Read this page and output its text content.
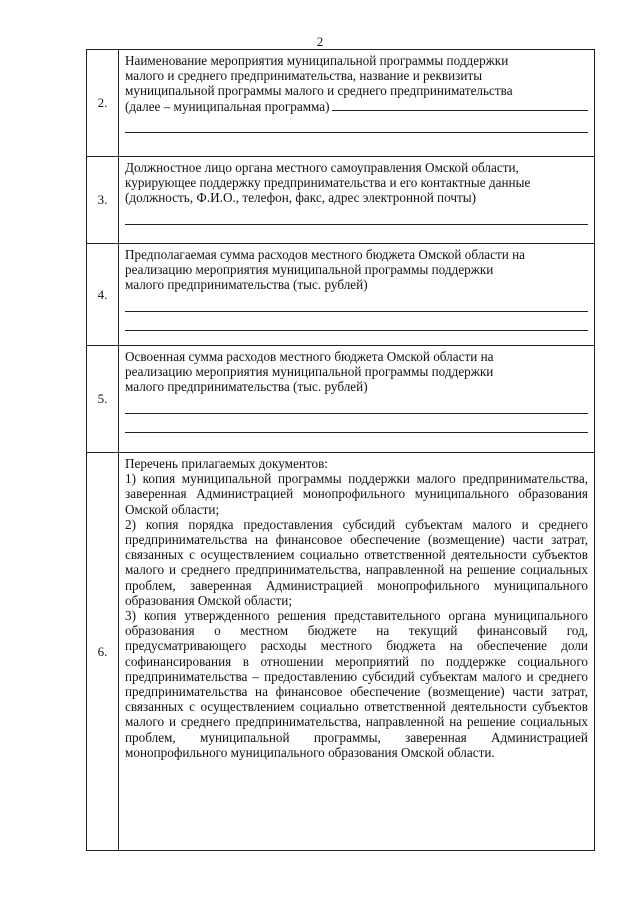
2
2.	Наименование мероприятия муниципальной программы поддержки
малого и среднего предпринимательства, название и реквизиты
муниципальной программы малого и среднего предпринимательства
(далее – муниципальная программа)

3.	Должностное лицо органа местного самоуправления Омской области,
курирующее поддержку предпринимательства и его контактные данные
(должность, Ф.И.О., телефон, факс, адрес электронной почты)

4.	Предполагаемая сумма расходов местного бюджета Омской области на
реализацию мероприятия муниципальной программы поддержки
малого предпринимательства (тыс. рублей)

5.	Освоенная сумма расходов местного бюджета Омской области на
реализацию мероприятия муниципальной программы поддержки
малого предпринимательства (тыс. рублей)

6.	Перечень прилагаемых документов:
1) копия муниципальной программы поддержки малого предпринимательства, заверенная Администрацией монопрофильного муниципального образования Омской области;
2) копия порядка предоставления субсидий субъектам малого и среднего предпринимательства на финансовое обеспечение (возмещение) части затрат, связанных с осуществлением социально ответственной деятельности субъектов малого и среднего предпринимательства, направленной на решение социальных проблем, заверенная Администрацией монопрофильного муниципального образования Омской области;
3) копия утвержденного решения представительного органа муниципального образования о местном бюджете на текущий финансовый год, предусматривающего расходы местного бюджета на обеспечение доли софинансирования в отношении мероприятий по поддержке социального предпринимательства – предоставлению субсидий субъектам малого и среднего предпринимательства на финансовое обеспечение (возмещение) части затрат, связанных с осуществлением социально ответственной деятельности субъектов малого и среднего предпринимательства, направленной на решение социальных проблем, муниципальной программы, заверенная Администрацией монопрофильного муниципального образования Омской области.
